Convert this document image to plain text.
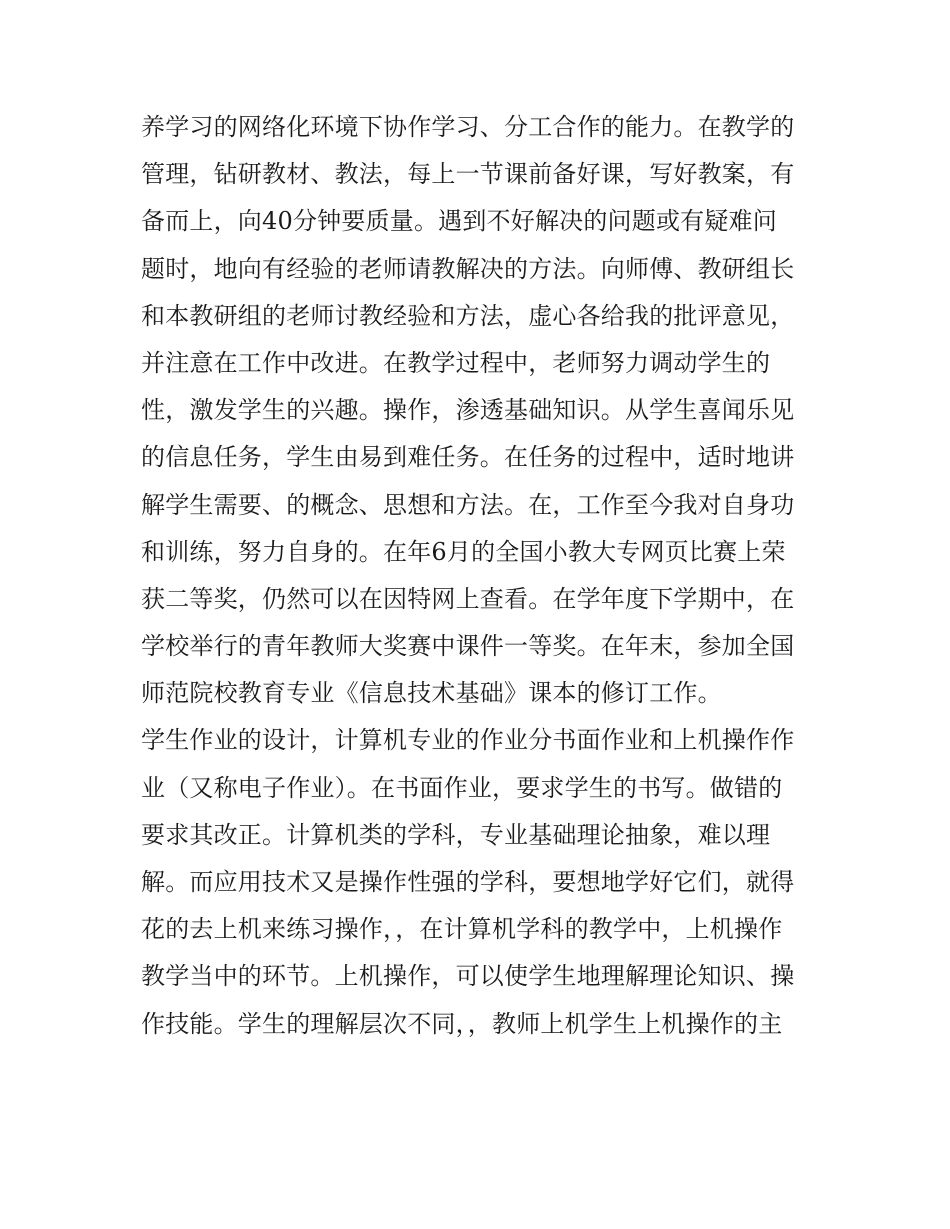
养学习的网络化环境下协作学习、分工合作的能力。在教学的
管理，钻研教材、教法，每上一节课前备好课，写好教案，有
备而上，向40分钟要质量。遇到不好解决的问题或有疑难问
题时，地向有经验的老师请教解决的方法。向师傅、教研组长
和本教研组的老师讨教经验和方法，虚心各给我的批评意见，
并注意在工作中改进。在教学过程中，老师努力调动学生的
性，激发学生的兴趣。操作，渗透基础知识。从学生喜闻乐见
的信息任务，学生由易到难任务。在任务的过程中，适时地讲
解学生需要、的概念、思想和方法。在，工作至今我对自身功
和训练，努力自身的。在年6月的全国小教大专网页比赛上荣
获二等奖，仍然可以在因特网上查看。在学年度下学期中，在
学校举行的青年教师大奖赛中课件一等奖。在年末，参加全国
师范院校教育专业《信息技术基础》课本的修订工作。
学生作业的设计，计算机专业的作业分书面作业和上机操作作
业（又称电子作业）。在书面作业，要求学生的书写。做错的
要求其改正。计算机类的学科，专业基础理论抽象，难以理
解。而应用技术又是操作性强的学科，要想地学好它们，就得
花的去上机来练习操作，，在计算机学科的教学中，上机操作
教学当中的环节。上机操作，可以使学生地理解理论知识、操
作技能。学生的理解层次不同，，教师上机学生上机操作的主
